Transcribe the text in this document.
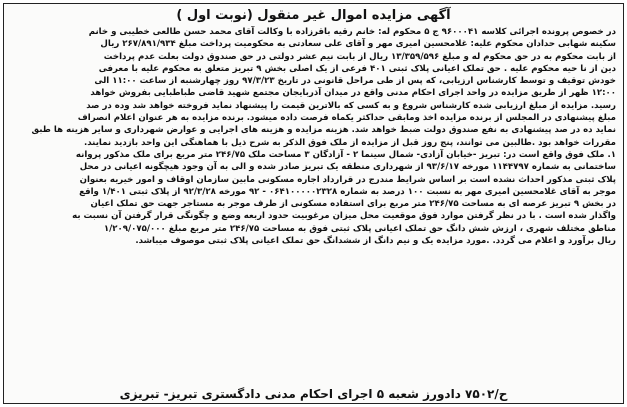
آگهی مزایده اموال غیر منقول (نوبت اول )
در خصوص پرونده اجرائی کلاسه ۹۶۰۰۰۴۱ ج ۵ محکوم له: خانم رقیه باقرزاده با وکالت آقای محمد حسن طالعی خطیبی و خانم
سکینه شهابی حدادان محکوم علیه: غلامحسین امیری مهر و آقای علی سعادتی به محکومیت پرداخت مبلغ ۲۶۷/۸۹۱/۹۳۴ ریال
از بابت محکوم به در حق محکوم له و مبلغ ۱۳/۳۵۹/۵۹۶ ریال از بابت نیم عشر دولتی در حق صندوق دولت بعلت عدم پرداخت
دین از نا حیه محکوم علیه . حق تملک اعیانی پلاک ثبتی ۴۰۱ فرعی از یک اصلی بخش ۹ تبریز متعلق به محکوم علیه با معرفی
خودش توقیف و توسط کارشناس ارزیابی، که پس از طی مراحل قانونی در تاریخ ۹۷/۳/۲۳ روز چهارشنبه از ساعت ۱۱:۰۰ الی
۱۲:۰۰ ظهر از طریق مزایده در واحد اجرای احکام مدنی واقع در میدان آذربایجان مجتمع شهید قاضی طباطبایی بفروش خواهد
رسید. مزایده از مبلغ ارزیابی شده کارشناس شروع و به کسی که بالاترین قیمت را پیشنهاد نماید فروخته خواهد شد وده در صد
مبلغ پیشنهادی در المجلس از برنده مزایده اخذ ومابقی حداکثر یکماه فرصت داده میشود. برنده مزایده به هر عنوان اعلام انصراف
نماید ده در صد پیشنهادی به نفع صندوق دولت ضبط خواهد شد. هزینه مزایده و هزینه های اجرایی و عوارض شهرداری و سایر هزینه ها طبق
مقررات خواهد بود .طالبین می توانند، پنج روز قبل از مزایده از ملک فوق الذکر به شرح ذیل با هماهنگی این واحد بازدید نمایند.
۱. ملک فوق واقع است در: تبریز -خیابان آزادی- شمال سینما ۲ - آزادگان ۳ مساحت ملک ۲۴۶/۷۵ متر مربع برای ملک مذکور پروانه
ساختمانی به شماره ۱۱۴۴۷۹۷ مورخه ۹۳/۶/۱۷ از شهرداری منطقه یک تبریز صادر شده و الی به آن وجود هیچگونه اعیانی در محل
پلاک ثبتی مذکور احداث نشده است بر اساس شرایط مندرج در قرارداد اجاره مسکونی مابین سازمان اوقاف و امور خیریه بعنوان
موجر به آقای غلامحسین امیری مهر به نسبت ۱۰۰ درصد به شماره ۰۶۴۱۰۰۰۰۰۲۳۲۸ - ۹۲ مورخه ۹۲/۳/۲۸ از پلاک ثبتی ۱/۴۰۱ واقع
در بخش ۹ تبریز عرصه ای به مساحت ۲۴۶/۷۵ متر مربع برای استفاده مسکونی از طرف موجر به مستاجر جهت حق تملک اعیان
واگذار شده است . با در نظر گرفتن موارد فوق موقعیت محل میزان مرغوبیت حدود اربعه وضع و چگونگی قرار گرفتن آن نسبت به
مناطق مختلف شهری ، ارزش شش دانگ حق تملک اعیانی پلاک ثبتی فوق به مساحت ۲۴۶/۷۵ متر مربع مبلغ ۱/۲۰۹/۰۷۵/۰۰۰
ریال برآورد و اعلام می گردد. .مورد مزایده یک و نیم دانگ از ششدانگ حق تملک اعیانی پلاک ثبتی موصوف میباشد.
ح/۷۵۰۲ دادورز شعبه ۵ اجرای احکام مدنی دادگستری تبریز- تبریزی
